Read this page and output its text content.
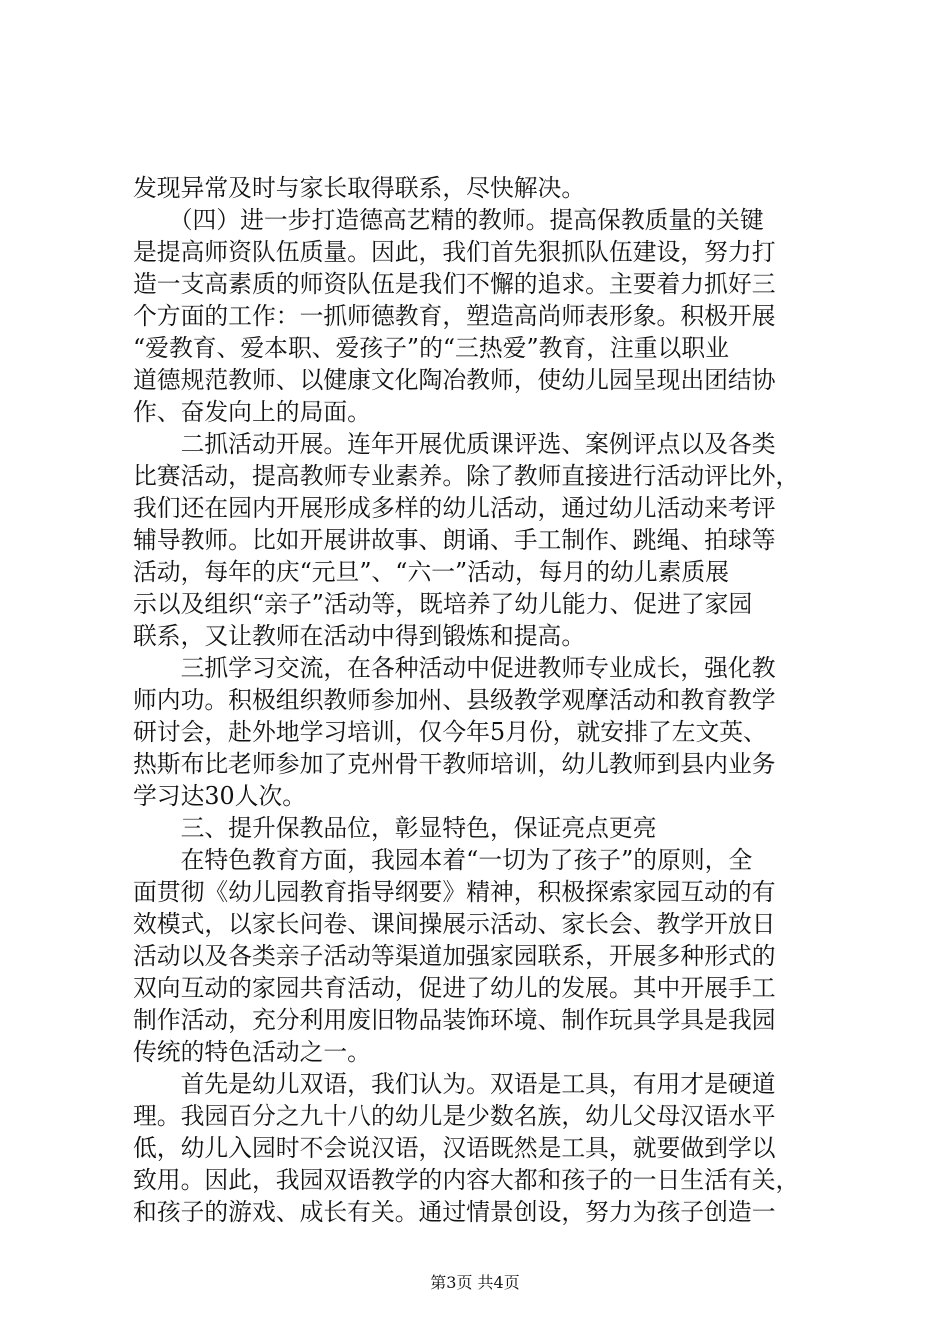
发现异常及时与家长取得联系，尽快解决。
　　（四）进一步打造德高艺精的教师。提高保教质量的关键
是提高师资队伍质量。因此，我们首先狠抓队伍建设，努力打
造一支高素质的师资队伍是我们不懈的追求。主要着力抓好三
个方面的工作：一抓师德教育，塑造高尚师表形象。积极开展
“爱教育、爱本职、爱孩子”的“三热爱”教育，注重以职业
道德规范教师、以健康文化陶冶教师，使幼儿园呈现出团结协
作、奋发向上的局面。
　　二抓活动开展。连年开展优质课评选、案例评点以及各类
比赛活动，提高教师专业素养。除了教师直接进行活动评比外，
我们还在园内开展形成多样的幼儿活动，通过幼儿活动来考评
辅导教师。比如开展讲故事、朗诵、手工制作、跳绳、拍球等
活动，每年的庆“元旦”、“六一”活动，每月的幼儿素质展
示以及组织“亲子”活动等，既培养了幼儿能力、促进了家园
联系，又让教师在活动中得到锻炼和提高。
　　三抓学习交流，在各种活动中促进教师专业成长，强化教
师内功。积极组织教师参加州、县级教学观摩活动和教育教学
研讨会，赴外地学习培训，仅今年5月份，就安排了左文英、
热斯布比老师参加了克州骨干教师培训，幼儿教师到县内业务
学习达30人次。
　　三、提升保教品位，彰显特色，保证亮点更亮
　　在特色教育方面，我园本着“一切为了孩子”的原则，全
面贯彻《幼儿园教育指导纲要》精神，积极探索家园互动的有
效模式，以家长问卷、课间操展示活动、家长会、教学开放日
活动以及各类亲子活动等渠道加强家园联系，开展多种形式的
双向互动的家园共育活动，促进了幼儿的发展。其中开展手工
制作活动，充分利用废旧物品装饰环境、制作玩具学具是我园
传统的特色活动之一。
　　首先是幼儿双语，我们认为。双语是工具，有用才是硬道
理。我园百分之九十八的幼儿是少数名族，幼儿父母汉语水平
低，幼儿入园时不会说汉语，汉语既然是工具，就要做到学以
致用。因此，我园双语教学的内容大都和孩子的一日生活有关，
和孩子的游戏、成长有关。通过情景创设，努力为孩子创造一
第3页 共4页
